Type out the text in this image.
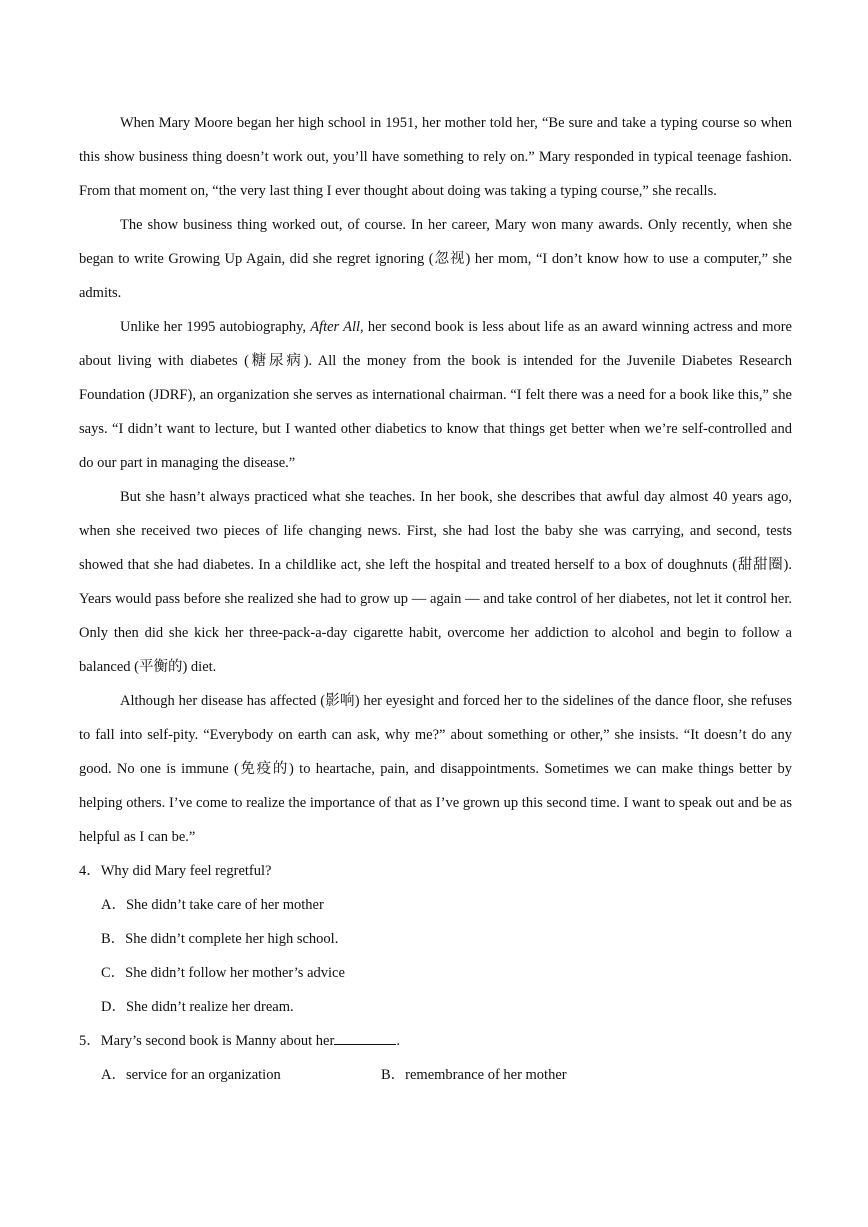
When Mary Moore began her high school in 1951, her mother told her, “Be sure and take a typing course so when this show business thing doesn’t work out, you’ll have something to rely on.” Mary responded in typical teenage fashion. From that moment on, “the very last thing I ever thought about doing was taking a typing course,” she recalls.

The show business thing worked out, of course. In her career, Mary won many awards. Only recently, when she began to write Growing Up Again, did she regret ignoring (忽视) her mom, “I don’t know how to use a computer,” she admits.

Unlike her 1995 autobiography, After All, her second book is less about life as an award winning actress and more about living with diabetes (糖尿病). All the money from the book is intended for the Juvenile Diabetes Research Foundation (JDRF), an organization she serves as international chairman. “I felt there was a need for a book like this,” she says. “I didn’t want to lecture, but I wanted other diabetics to know that things get better when we’re self-controlled and do our part in managing the disease.”

But she hasn’t always practiced what she teaches. In her book, she describes that awful day almost 40 years ago, when she received two pieces of life changing news. First, she had lost the baby she was carrying, and second, tests showed that she had diabetes. In a childlike act, she left the hospital and treated herself to a box of doughnuts (甜甜圈). Years would pass before she realized she had to grow up — again — and take control of her diabetes, not let it control her. Only then did she kick her three-pack-a-day cigarette habit, overcome her addiction to alcohol and begin to follow a balanced (平衡的) diet.

Although her disease has affected (影响) her eyesight and forced her to the sidelines of the dance floor, she refuses to fall into self-pity. “Everybody on earth can ask, why me?” about something or other,” she insists. “It doesn’t do any good. No one is immune (免疫的) to heartache, pain, and disappointments. Sometimes we can make things better by helping others. I’ve come to realize the importance of that as I’ve grown up this second time. I want to speak out and be as helpful as I can be.”

4．Why did Mary feel regretful?

A．She didn’t take care of her mother

B．She didn’t complete her high school.

C．She didn’t follow her mother’s advice

D．She didn’t realize her dream.

5．Mary’s second book is Manny about her	.

A．service for an organization	B．remembrance of her mother
